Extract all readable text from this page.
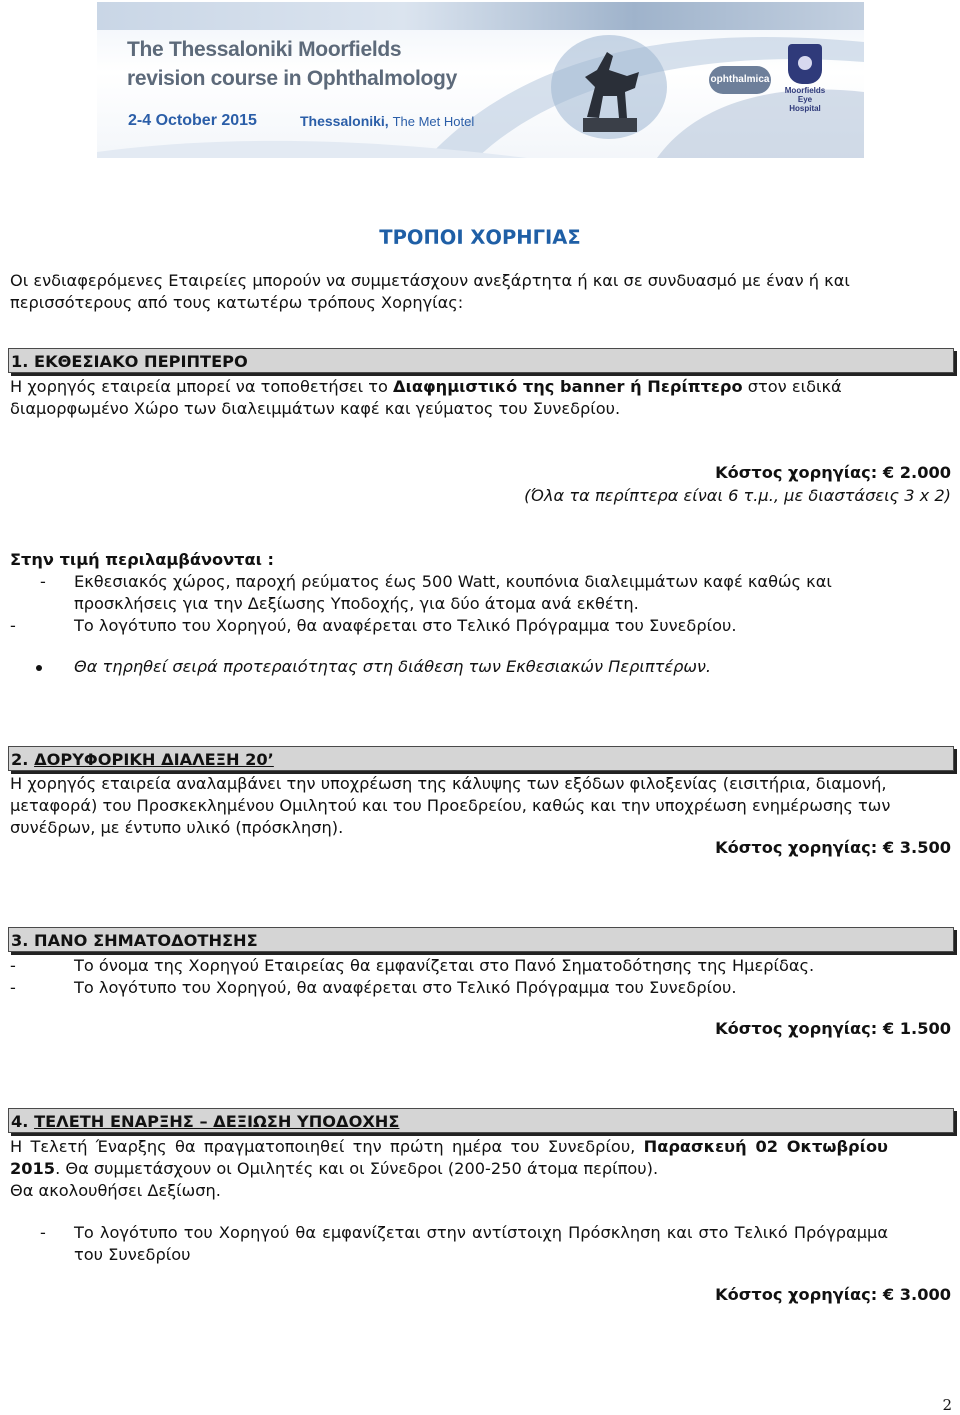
The Thessaloniki Moorfields
revision course in Ophthalmology
2-4 October 2015	Thessaloniki, The Met Hotel
ophthalmica
Moorfields Eye Hospital
ΤΡΟΠΟΙ ΧΟΡΗΓΙΑΣ

Οι ενδιαφερόμενες Εταιρείες μπορούν να συμμετάσχουν ανεξάρτητα ή και σε συνδυασμό με έναν ή και περισσότερους από τους κατωτέρω τρόπους Χορηγίας:

1. ΕΚΘΕΣΙΑΚΟ ΠΕΡΙΠΤΕΡΟ

Η χορηγός εταιρεία μπορεί να τοποθετήσει το Διαφημιστικό της banner ή Περίπτερο στον ειδικά διαμορφωμένο Χώρο των διαλειμμάτων καφέ και γεύματος του Συνεδρίου.

Κόστος χορηγίας: € 2.000
(Όλα τα περίπτερα είναι 6 τ.μ., με διαστάσεις 3 x 2)
Στην τιμή περιλαμβάνονται :
- Εκθεσιακός χώρος, παροχή ρεύματος έως 500 Watt, κουπόνια διαλειμμάτων καφέ καθώς και προσκλήσεις για την Δεξίωσης Υποδοχής, για δύο άτομα ανά εκθέτη.
-	Το λογότυπο του Χορηγού, θα αναφέρεται στο Τελικό Πρόγραμμα του Συνεδρίου.
Θα τηρηθεί σειρά προτεραιότητας στη διάθεση των Εκθεσιακών Περιπτέρων.
2. ΔΟΡΥΦΟΡΙΚΗ ΔΙΑΛΕΞΗ 20’

Η χορηγός εταιρεία αναλαμβάνει την υποχρέωση της κάλυψης των εξόδων φιλοξενίας (εισιτήρια, διαμονή, μεταφορά) του Προσκεκλημένου Ομιλητού και του Προεδρείου, καθώς και την υποχρέωση ενημέρωσης των συνέδρων, με έντυπο υλικό (πρόσκληση).

Κόστος χορηγίας: € 3.500
3. ΠΑΝΟ ΣΗΜΑΤΟΔΟΤΗΣΗΣ
-	Το όνομα της Χορηγού Εταιρείας θα εμφανίζεται στο Πανό Σηματοδότησης της Ημερίδας.
-	Το λογότυπο του Χορηγού, θα αναφέρεται στο Τελικό Πρόγραμμα του Συνεδρίου.
Κόστος χορηγίας: € 1.500
4. ΤΕΛΕΤΗ ΕΝΑΡΞΗΣ – ΔΕΞΙΩΣΗ ΥΠΟΔΟΧΗΣ

Η Τελετή Έναρξης θα πραγματοποιηθεί την πρώτη ημέρα του Συνεδρίου, Παρασκευή 02 Οκτωβρίου 2015. Θα συμμετάσχουν οι Ομιλητές και οι Σύνεδροι (200-250 άτομα περίπου).

Θα ακολουθήσει Δεξίωση.

- Το λογότυπο του Χορηγού θα εμφανίζεται στην αντίστοιχη Πρόσκληση και στο Τελικό Πρόγραμμα του Συνεδρίου
Κόστος χορηγίας: € 3.000
2
